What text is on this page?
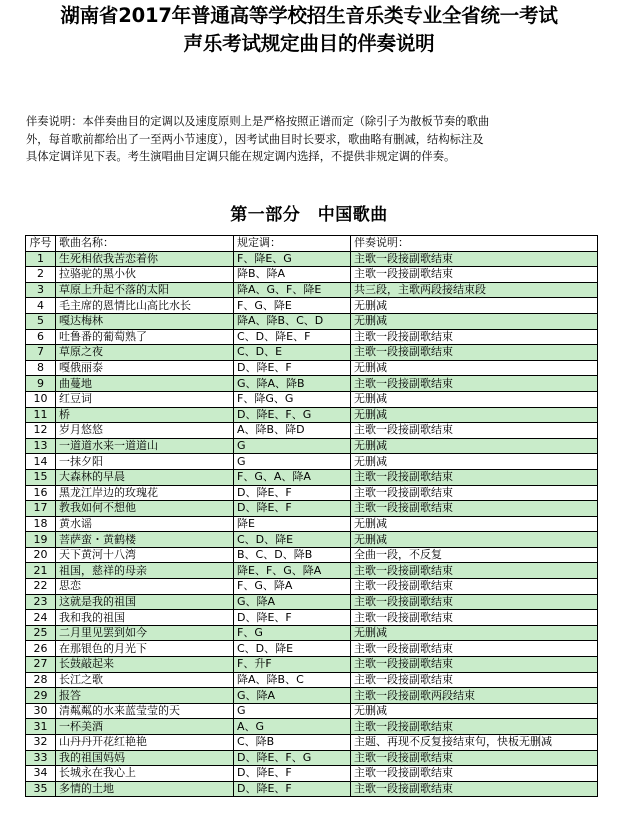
湖南省2017年普通高等学校招生音乐类专业全省统一考试
声乐考试规定曲目的伴奏说明
伴奏说明：本伴奏曲目的定调以及速度原则上是严格按照正谱而定（除引子为散板节奏的歌曲
外，每首歌前都给出了一至两小节速度），因考试曲目时长要求，歌曲略有删减，结构标注及
具体定调详见下表。考生演唱曲目定调只能在规定调内选择，不提供非规定调的伴奏。
第一部分　中国歌曲
序号	歌曲名称：	规定调：	伴奏说明：
1	生死相依我苦恋着你	F、降E、G	主歌一段接副歌结束
2	拉骆驼的黑小伙	降B、降A	主歌一段接副歌结束
3	草原上升起不落的太阳	降A、G、F、降E	共三段，主歌两段接结束段
4	毛主席的恩情比山高比水长	F、G、降E	无删减
5	嘎达梅林	降A、降B、C、D	无删减
6	吐鲁番的葡萄熟了	C、D、降E、F	主歌一段接副歌结束
7	草原之夜	C、D、E	主歌一段接副歌结束
8	嘎俄丽泰	D、降E、F	无删减
9	曲蔓地	G、降A、降B	主歌一段接副歌结束
10	红豆词	F、降G、G	无删减
11	桥	D、降E、F、G	无删减
12	岁月悠悠	A、降B、降D	主歌一段接副歌结束
13	一道道水来一道道山	G	无删减
14	一抹夕阳	G	无删减
15	大森林的早晨	F、G、A、降A	主歌一段接副歌结束
16	黑龙江岸边的玫瑰花	D、降E、F	主歌一段接副歌结束
17	教我如何不想他	D、降E、F	主歌一段接副歌结束
18	黄水谣	降E	无删减
19	菩萨蛮・黄鹤楼	C、D、降E	无删减
20	天下黄河十八湾	B、C、D、降B	全曲一段，不反复
21	祖国，慈祥的母亲	降E、F、G、降A	主歌一段接副歌结束
22	思恋	F、G、降A	主歌一段接副歌结束
23	这就是我的祖国	G、降A	主歌一段接副歌结束
24	我和我的祖国	D、降E、F	主歌一段接副歌结束
25	二月里见罢到如今	F、G	无删减
26	在那银色的月光下	C、D、降E	主歌一段接副歌结束
27	长鼓敲起来	F、升F	主歌一段接副歌结束
28	长江之歌	降A、降B、C	主歌一段接副歌结束
29	报答	G、降A	主歌一段接副歌两段结束
30	清粼粼的水来蓝莹莹的天	G	无删减
31	一杯美酒	A、G	主歌一段接副歌结束
32	山丹丹开花红艳艳	C、降B	主题、再现不反复接结束句，快板无删减
33	我的祖国妈妈	D、降E、F、G	主歌一段接副歌结束
34	长城永在我心上	D、降E、F	主歌一段接副歌结束
35	多情的土地	D、降E、F	主歌一段接副歌结束
